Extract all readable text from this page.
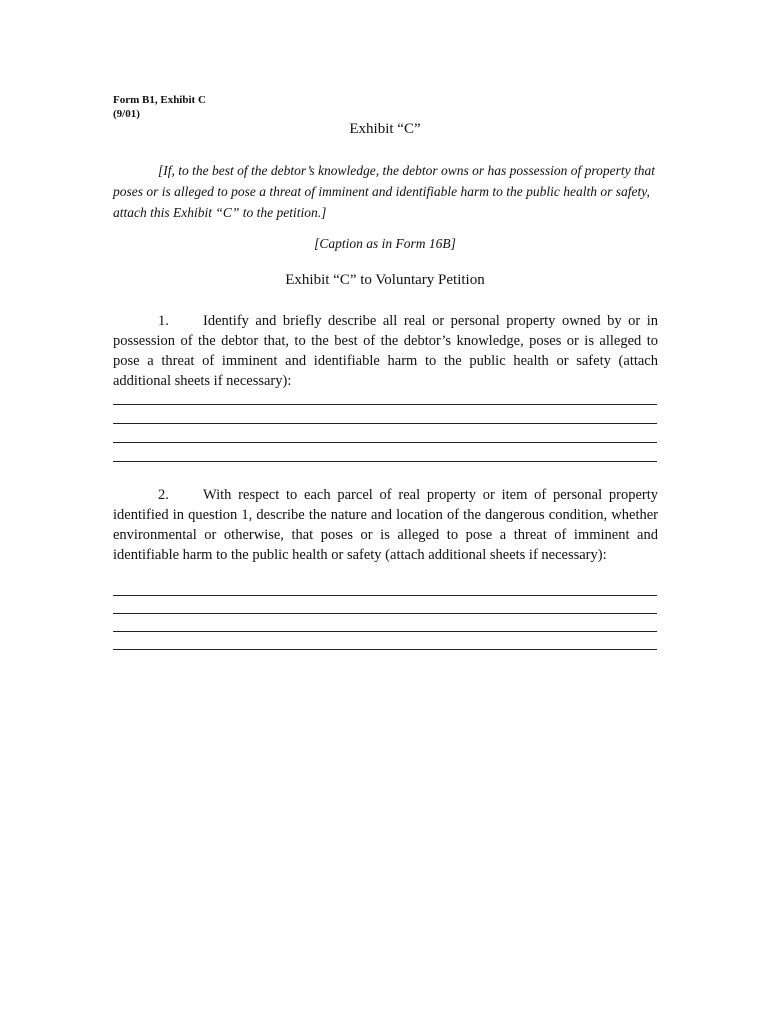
Form B1, Exhibit C
(9/01)
Exhibit “C”

[If, to the best of the debtor’s knowledge, the debtor owns or has possession of property that poses or is alleged to pose a threat of imminent and identifiable harm to the public health or safety, attach this Exhibit “C” to the petition.]

[Caption as in Form 16B]
Exhibit “C” to Voluntary Petition

1. Identify and briefly describe all real or personal property owned by or in possession of the debtor that, to the best of the debtor’s knowledge, poses or is alleged to pose a threat of imminent and identifiable harm to the public health or safety (attach additional sheets if necessary):

2. With respect to each parcel of real property or item of personal property identified in question 1, describe the nature and location of the dangerous condition, whether environmental or otherwise, that poses or is alleged to pose a threat of imminent and identifiable harm to the public health or safety (attach additional sheets if necessary):
